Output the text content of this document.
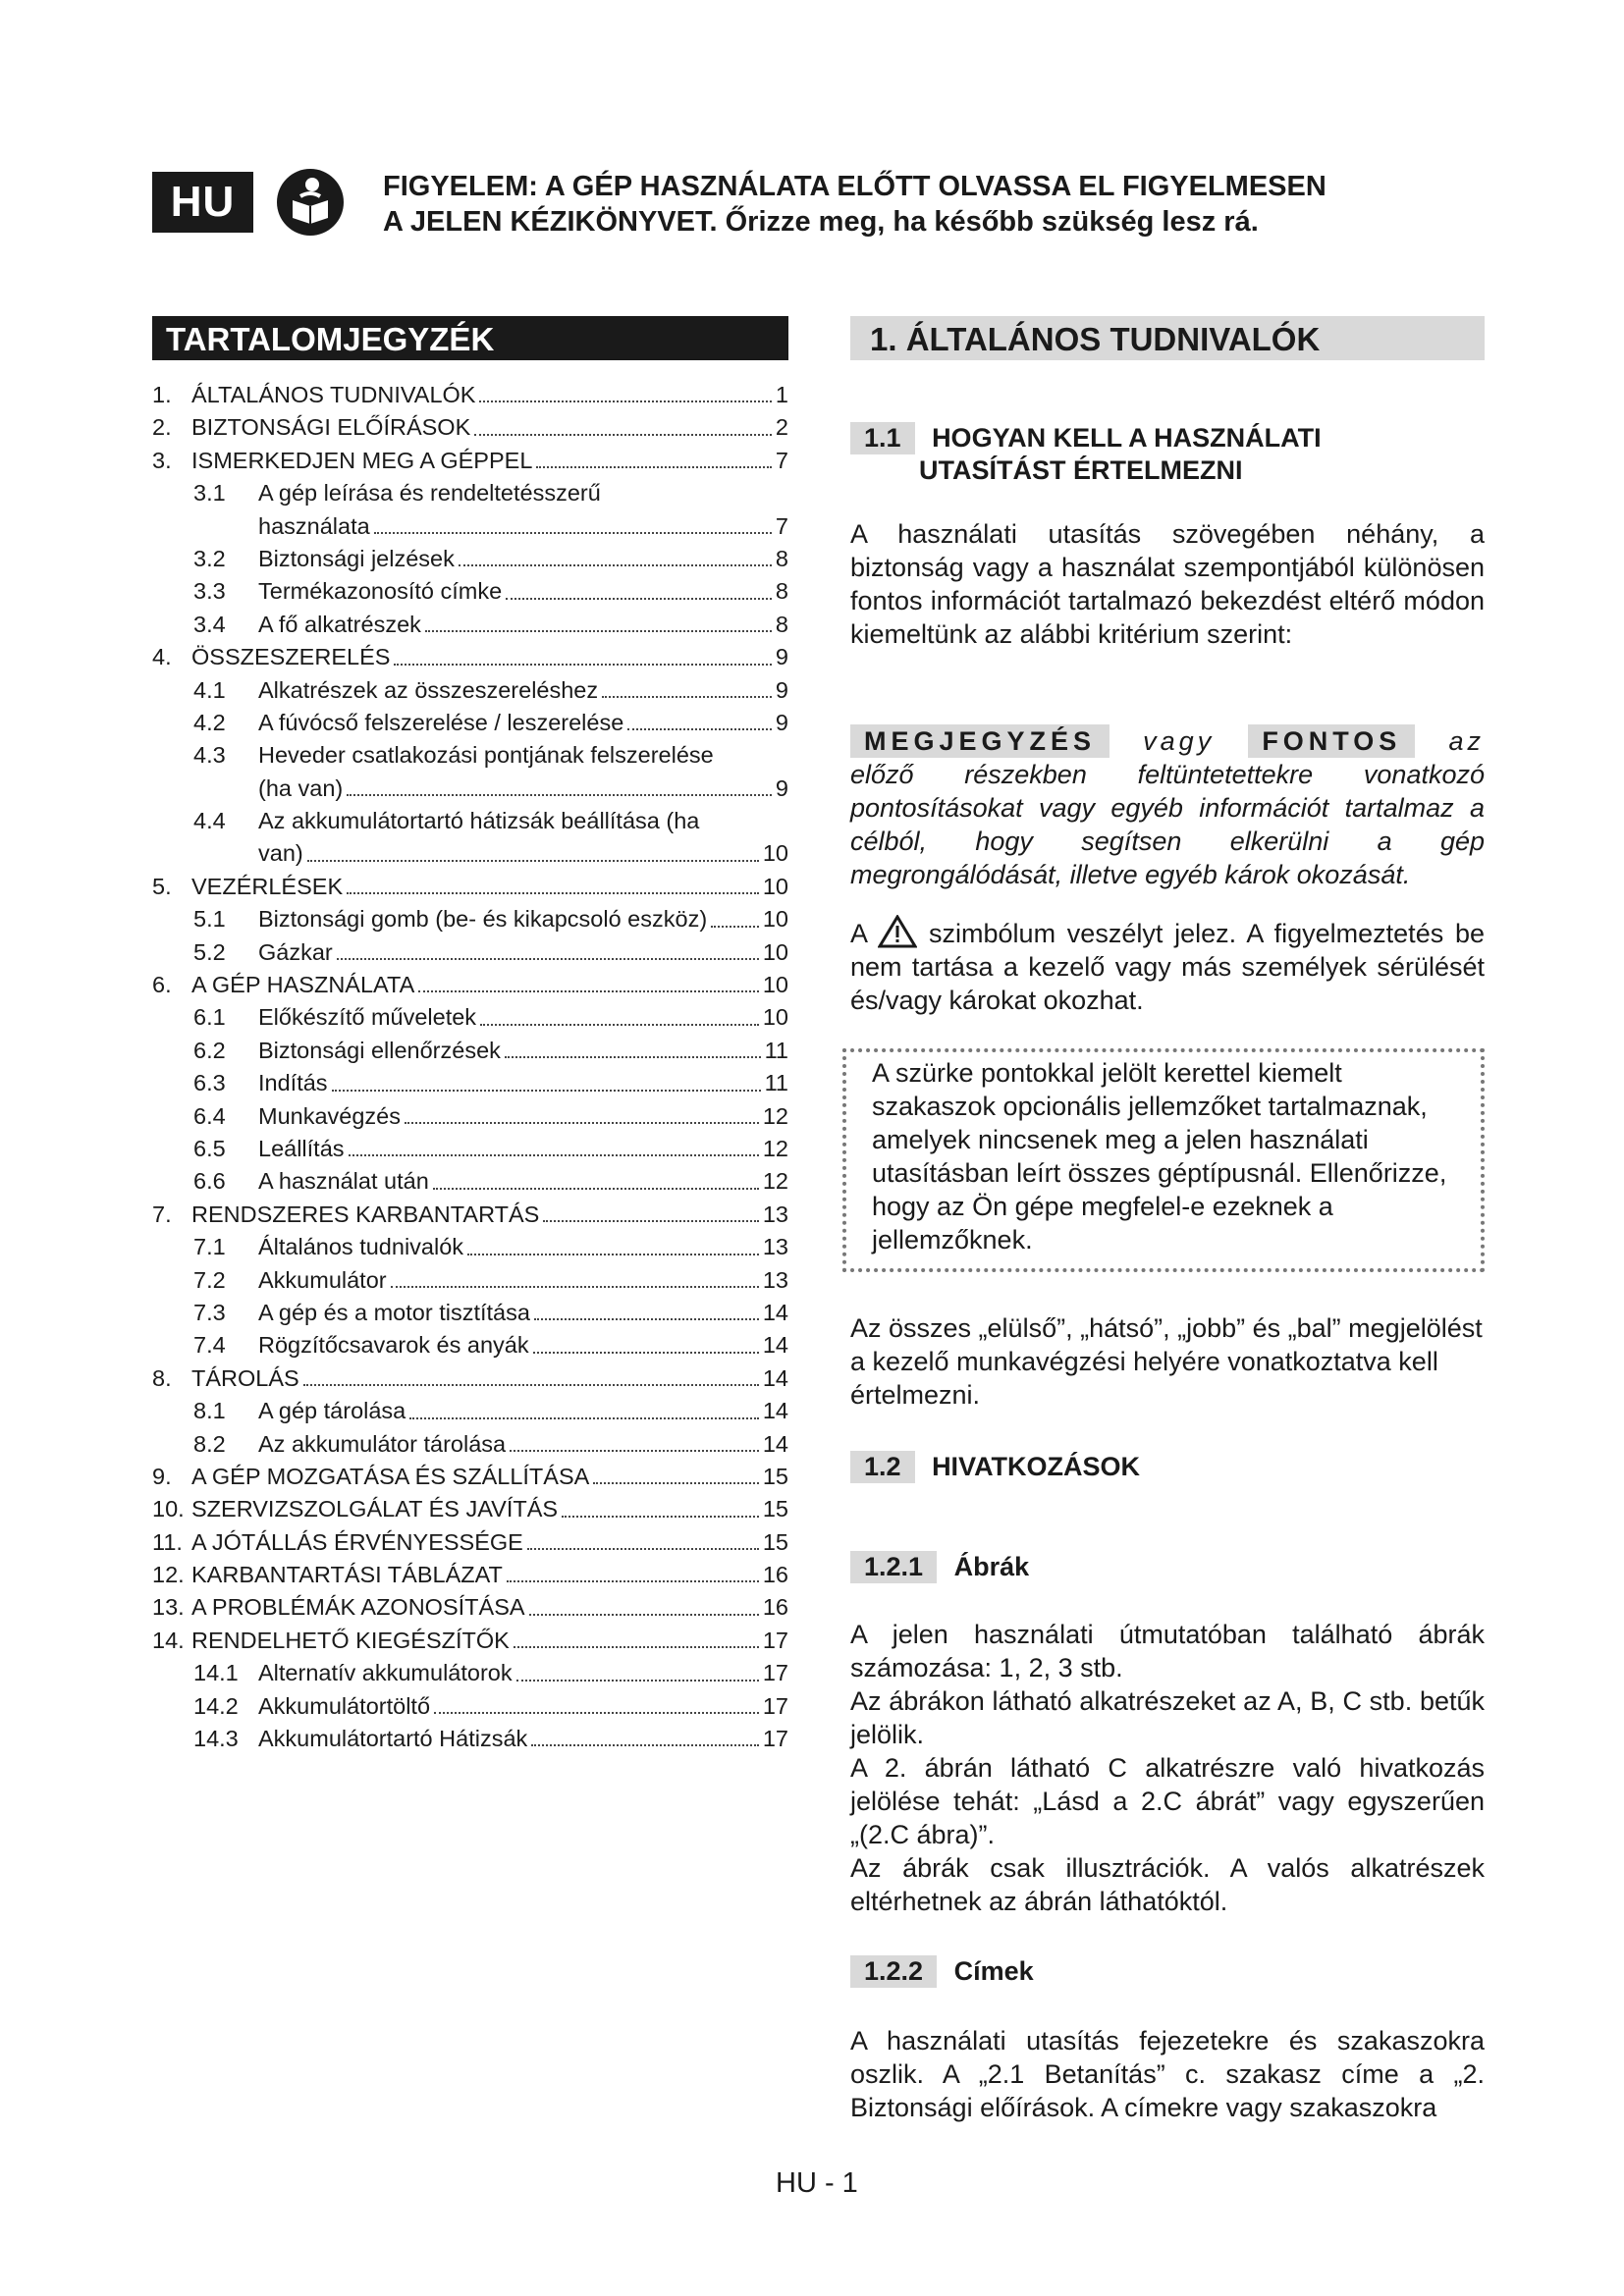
HU	FIGYELEM: A GÉP HASZNÁLATA ELŐTT OLVASSA EL FIGYELMESEN
A JELEN KÉZIKÖNYVET. Őrizze meg, ha később szükség lesz rá.
TARTALOMJEGYZÉK
1. ÁLTALÁNOS TUDNIVALÓK	1
2. BIZTONSÁGI ELŐÍRÁSOK	2
3. ISMERKEDJEN MEG A GÉPPEL	7
3.1	A gép leírása és rendeltetésszerű
használata	7
3.2	Biztonsági jelzések	8
3.3	Termékazonosító címke	8
3.4	A fő alkatrészek	8
4. ÖSSZESZERELÉS	9
4.1	Alkatrészek az összeszereléshez	9
4.2	A fúvócső felszerelése / leszerelése	9
4.3	Heveder csatlakozási pontjának felszerelése
(ha van)	9
4.4	Az akkumulátortartó hátizsák beállítása (ha
van)	10
5. VEZÉRLÉSEK	10
5.1	Biztonsági gomb (be- és kikapcsoló eszköz) 10
5.2	Gázkar	10
6. A GÉP HASZNÁLATA	10
6.1	Előkészítő műveletek	10
6.2	Biztonsági ellenőrzések	11
6.3	Indítás	11
6.4	Munkavégzés	12
6.5	Leállítás	12
6.6	A használat után	12
7. RENDSZERES KARBANTARTÁS	13
7.1	Általános tudnivalók	13
7.2	Akkumulátor	13
7.3	A gép és a motor tisztítása	14
7.4	Rögzítőcsavarok és anyák	14
8. TÁROLÁS	14
8.1	A gép tárolása	14
8.2	Az akkumulátor tárolása	14
9. A GÉP MOZGATÁSA ÉS SZÁLLÍTÁSA	15
10. SZERVIZSZOLGÁLAT ÉS JAVÍTÁS	15
11. A JÓTÁLLÁS ÉRVÉNYESSÉGE	15
12. KARBANTARTÁSI TÁBLÁZAT	16
13. A PROBLÉMÁK AZONOSÍTÁSA	16
14. RENDELHETŐ KIEGÉSZÍTŐK	17
14.1 Alternatív akkumulátorok	17
14.2 Akkumulátortöltő	17
14.3 Akkumulátortartó Hátizsák	17
1. ÁLTALÁNOS TUDNIVALÓK
1.1 HOGYAN KELL A HASZNÁLATI
UTASÍTÁST ÉRTELMEZNI
A használati utasítás szövegében néhány, a biztonság vagy a használat szempontjából különösen fontos információt tartalmazó bekezdést eltérő módon kiemeltünk az alábbi kritérium szerint:
MEGJEGYZÉS	vagy	FONTOS	az
előző részekben feltüntetettekre vonatkozó pontosításokat vagy egyéb információt tartalmaz a célból, hogy segítsen elkerülni a gép megrongálódását, illetve egyéb károk okozását.
A szimbólum veszélyt jelez. A figyelmeztetés be nem tartása a kezelő vagy más személyek sérülését és/vagy károkat okozhat.
A szürke pontokkal jelölt kerettel kiemelt szakaszok opcionális jellemzőket tartalmaznak, amelyek nincsenek meg a jelen használati utasításban leírt összes géptípusnál. Ellenőrizze, hogy az Ön gépe megfelel-e ezeknek a jellemzőknek.
Az összes „elülső”, „hátsó”, „jobb” és „bal” megjelölést a kezelő munkavégzési helyére vonatkoztatva kell értelmezni.
1.2 HIVATKOZÁSOK
1.2.1 Ábrák
A jelen használati útmutatóban található ábrák számozása: 1, 2, 3 stb.
Az ábrákon látható alkatrészeket az A, B, C stb. betűk jelölik.
A 2. ábrán látható C alkatrészre való hivatkozás jelölése tehát: „Lásd a 2.C ábrát” vagy egyszerűen „(2.C ábra)”.
Az ábrák csak illusztrációk. A valós alkatrészek eltérhetnek az ábrán láthatóktól.
1.2.2 Címek
A használati utasítás fejezetekre és szakaszokra oszlik. A „2.1 Betanítás” c. szakasz címe a „2. Biztonsági előírások. A címekre vagy szakaszokra
HU - 1
